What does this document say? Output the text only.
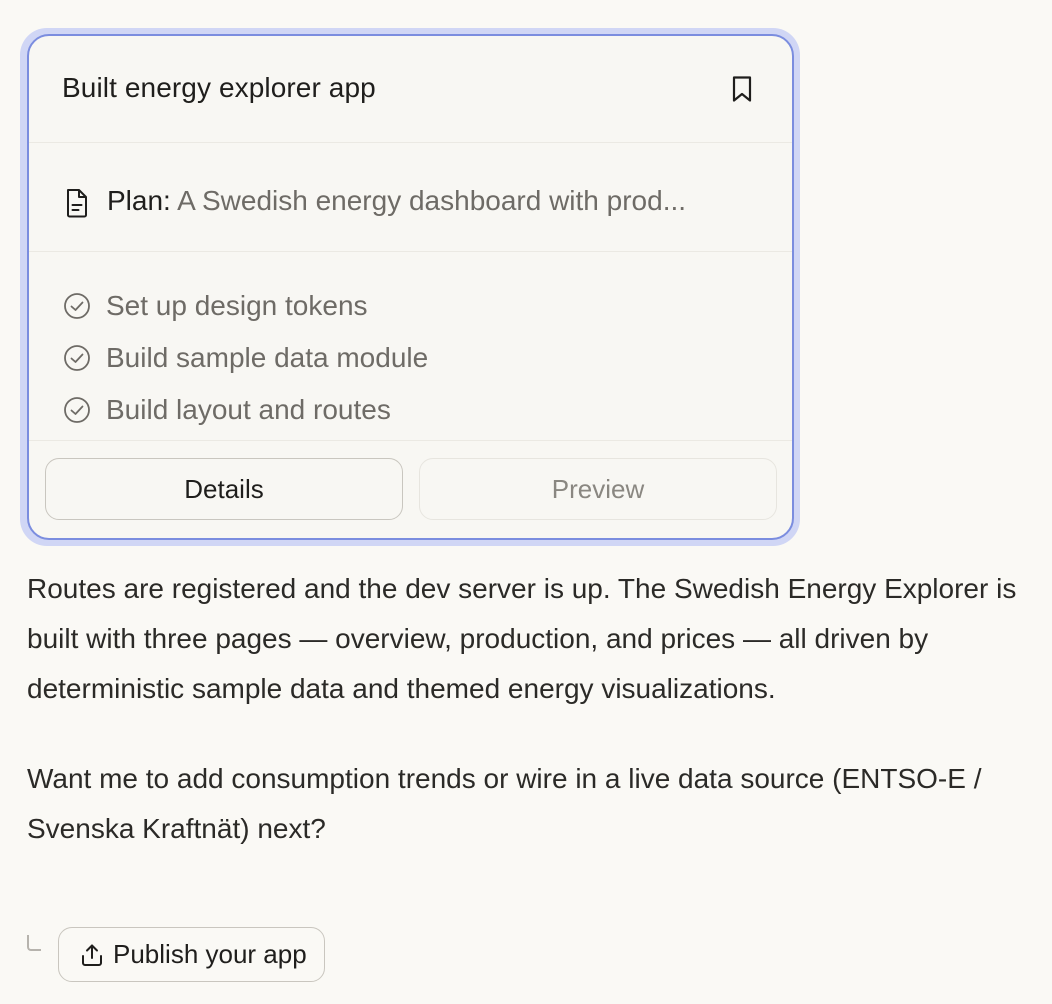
Built energy explorer app
Plan: A Swedish energy dashboard with prod...
Set up design tokens
Build sample data module
Build layout and routes
Details	Preview

Routes are registered and the dev server is up. The Swedish Energy Explorer is built with three pages — overview, production, and prices — all driven by deterministic sample data and themed energy visualizations.

Want me to add consumption trends or wire in a live data source (ENTSO-E / Svenska Kraftnät) next?

Publish your app
